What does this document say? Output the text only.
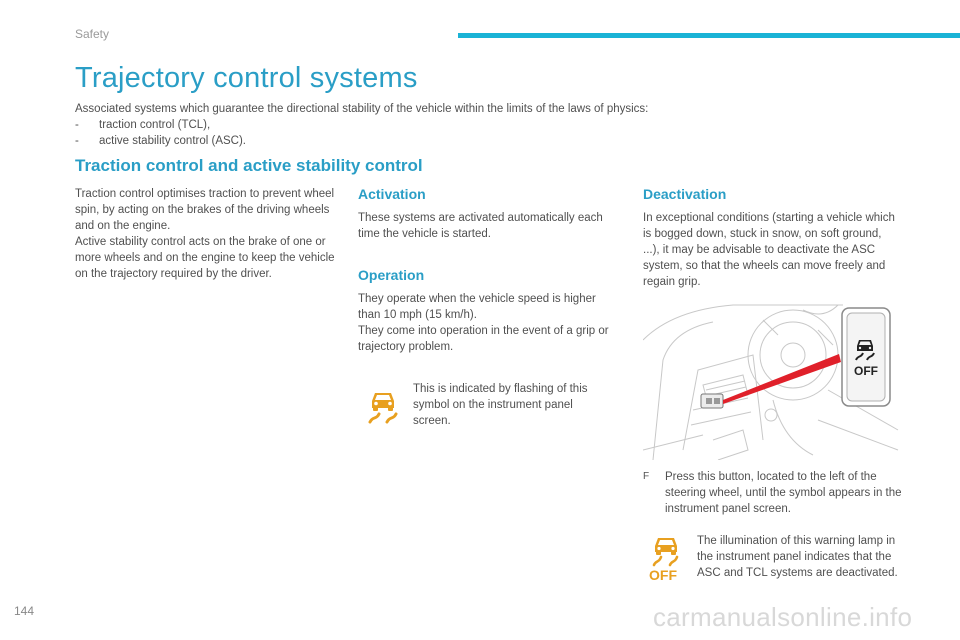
Safety
Trajectory control systems
Associated systems which guarantee the directional stability of the vehicle within the limits of the laws of physics:
-	traction control (TCL),
-	active stability control (ASC).
Traction control and active stability control
Traction control optimises traction to prevent wheel spin, by acting on the brakes of the driving wheels and on the engine.
Active stability control acts on the brake of one or more wheels and on the engine to keep the vehicle on the trajectory required by the driver.
Activation
These systems are activated automatically each time the vehicle is started.
Operation
They operate when the vehicle speed is higher than 10 mph (15 km/h).
They come into operation in the event of a grip or trajectory problem.
This is indicated by flashing of this symbol on the instrument panel screen.
Deactivation
In exceptional conditions (starting a vehicle which is bogged down, stuck in snow, on soft ground, ...), it may be advisable to deactivate the ASC system, so that the wheels can move freely and regain grip.
OFF
F	Press this button, located to the left of the steering wheel, until the symbol appears in the instrument panel screen.
OFF
The illumination of this warning lamp in the instrument panel indicates that the ASC and TCL systems are deactivated.
144	carmanualsonline.info
